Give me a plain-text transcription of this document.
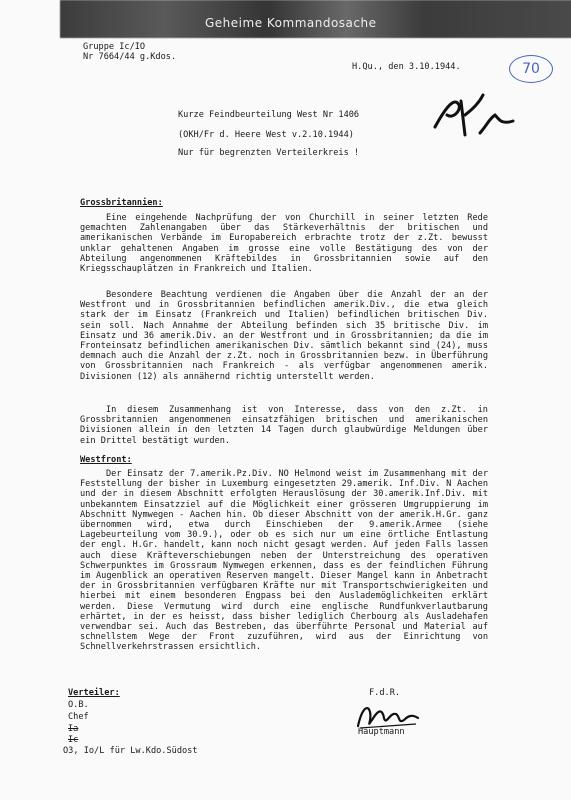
Geheime Kommandosache
Gruppe Ic/IO
Nr 7664/44 g.Kdos.
H.Qu., den 3.10.1944.	70
Kurze Feindbeurteilung West Nr 1406
(OKH/Fr d. Heere West v.2.10.1944)
Nur für begrenzten Verteilerkreis !
Grossbritannien:
Eine eingehende Nachprüfung der von Churchill in seiner letzten Rede gemachten Zahlenangaben über das Stärkeverhältnis der britischen und amerikanischen Verbände im Europabereich erbrachte trotz der z.Zt. bewusst unklar gehaltenen Angaben im grosse eine volle Bestätigung des von der Abteilung angenommenen Kräftebildes in Grossbritannien sowie auf den Kriegsschauplätzen in Frankreich und Italien.
Besondere Beachtung verdienen die Angaben über die Anzahl der an der Westfront und in Grossbritannien befindlichen amerik.Div., die etwa gleich stark der im Einsatz (Frankreich und Italien) befindlichen britischen Div. sein soll. Nach Annahme der Abteilung befinden sich 35 britische Div. im Einsatz und 36 amerik.Div. an der Westfront und in Grossbritannien; da die im Fronteinsatz befindlichen amerikanischen Div. sämtlich bekannt sind (24), muss demnach auch die Anzahl der z.Zt. noch in Grossbritannien bezw. in Überführung von Grossbritannien nach Frankreich - als verfügbar angenommenen amerik. Divisionen (12) als annähernd richtig unterstellt werden.
In diesem Zusammenhang ist von Interesse, dass von den z.Zt. in Grossbritannien angenommenen einsatzfähigen britischen und amerikanischen Divisionen allein in den letzten 14 Tagen durch glaubwürdige Meldungen über ein Drittel bestätigt wurden.
Westfront:
Der Einsatz der 7.amerik.Pz.Div. NO Helmond weist im Zusammenhang mit der Feststellung der bisher in Luxemburg eingesetzten 29.amerik. Inf.Div. N Aachen und der in diesem Abschnitt erfolgten Herauslösung der 30.amerik.Inf.Div. mit unbekanntem Einsatzziel auf die Möglichkeit einer grösseren Umgruppierung im Abschnitt Nymwegen - Aachen hin. Ob dieser Abschnitt von der amerik.H.Gr. ganz übernommen wird, etwa durch Einschieben der 9.amerik.Armee (siehe Lagebeurteilung vom 30.9.), oder ob es sich nur um eine örtliche Entlastung der engl. H.Gr. handelt, kann noch nicht gesagt werden. Auf jeden Falls lassen auch diese Kräfteverschiebungen neben der Unterstreichung des operativen Schwerpunktes im Grossraum Nymwegen erkennen, dass es der feindlichen Führung im Augenblick an operativen Reserven mangelt. Dieser Mangel kann in Anbetracht der in Grossbritannien verfügbaren Kräfte nur mit Transportschwierigkeiten und hierbei mit einem besonderen Engpass bei den Auslademöglichkeiten erklärt werden. Diese Vermutung wird durch eine englische Rundfunkverlautbarung erhärtet, in der es heisst, dass bisher lediglich Cherbourg als Ausladehafen verwendbar sei. Auch das Bestreben, das überführte Personal und Material auf schnellstem Wege der Front zuzuführen, wird aus der Einrichtung von Schnellverkehrstrassen ersichtlich.
Verteiler:
O.B.
Chef
Ia
Ic
O3, Io/L für Lw.Kdo.Südost
F.d.R.
Hauptmann
